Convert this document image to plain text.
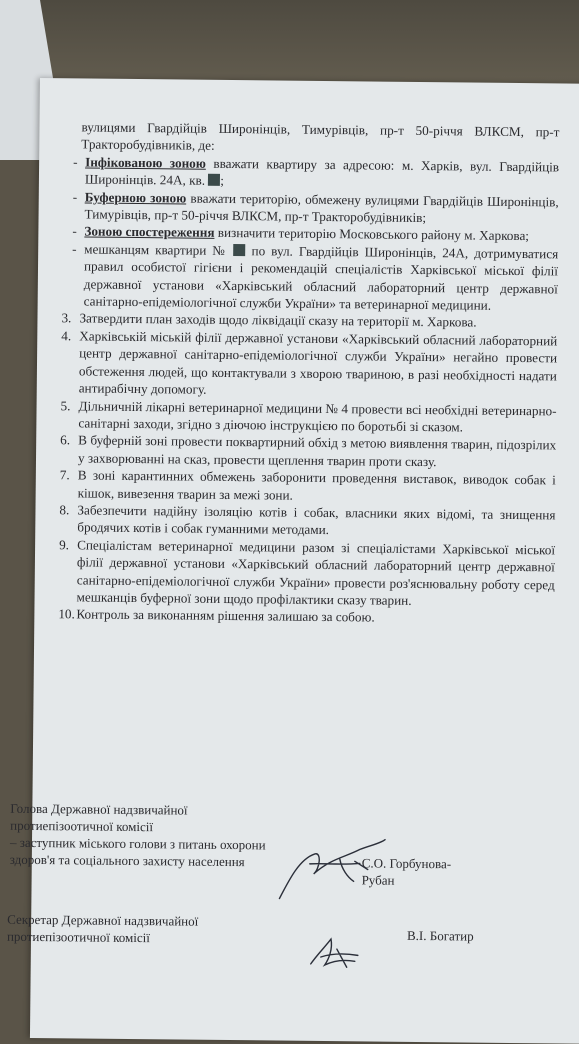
вулицями Гвардійців Широнінців, Тимурівців, пр-т 50-річчя ВЛКСМ, пр-т Тракторобудівників, де:

- Інфікованою зоною вважати квартиру за адресою: м. Харків, вул. Гвардійців Широнінців. 24А, кв. ;

- Буферною зоною вважати територію, обмежену вулицями Гвардійців Широнінців, Тимурівців, пр-т 50-річчя ВЛКСМ, пр-т Тракторобудівників;

- Зоною спостереження визначити територію Московського району м. Харкова;

- мешканцям квартири №  по вул. Гвардійців Широнінців, 24А, дотримуватися правил особистої гігієни і рекомендацій спеціалістів Харківської міської філії державної установи «Харківський обласний лабораторний центр державної санітарно-епідеміологічної служби України» та ветеринарної медицини.

3. Затвердити план заходів щодо ліквідації сказу на території м. Харкова.

4. Харківській міській філії державної установи «Харківський обласний лабораторний центр державної санітарно-епідеміологічної служби України» негайно провести обстеження людей, що контактували з хворою твариною, в разі необхідності надати антирабічну допомогу.

5. Дільничній лікарні ветеринарної медицини № 4 провести всі необхідні ветеринарно-санітарні заходи, згідно з діючою інструкцією по боротьбі зі сказом.

6. В буферній зоні провести поквартирний обхід з метою виявлення тварин, підозрілих у захворюванні на сказ, провести щеплення тварин проти сказу.

7. В зоні карантинних обмежень заборонити проведення виставок, виводок собак і кішок, вивезення тварин за межі зони.

8. Забезпечити надійну ізоляцію котів і собак, власники яких відомі, та знищення бродячих котів і собак гуманними методами.

9. Спеціалістам ветеринарної медицини разом зі спеціалістами Харківської міської філії державної установи «Харківський обласний лабораторний центр державної санітарно-епідеміологічної служби України» провести роз'яснювальну роботу серед мешканців буферної зони щодо профілактики сказу тварин.

10. Контроль за виконанням рішення залишаю за собою.

Голова Державної надзвичайної
протиепізоотичної комісії
– заступник міського голови з питань охорони
здоров'я та соціального захисту населення	С.О. Горбунова-Рубан
Секретар Державної надзвичайної
протиепізоотичної комісії	В.І. Богатир
